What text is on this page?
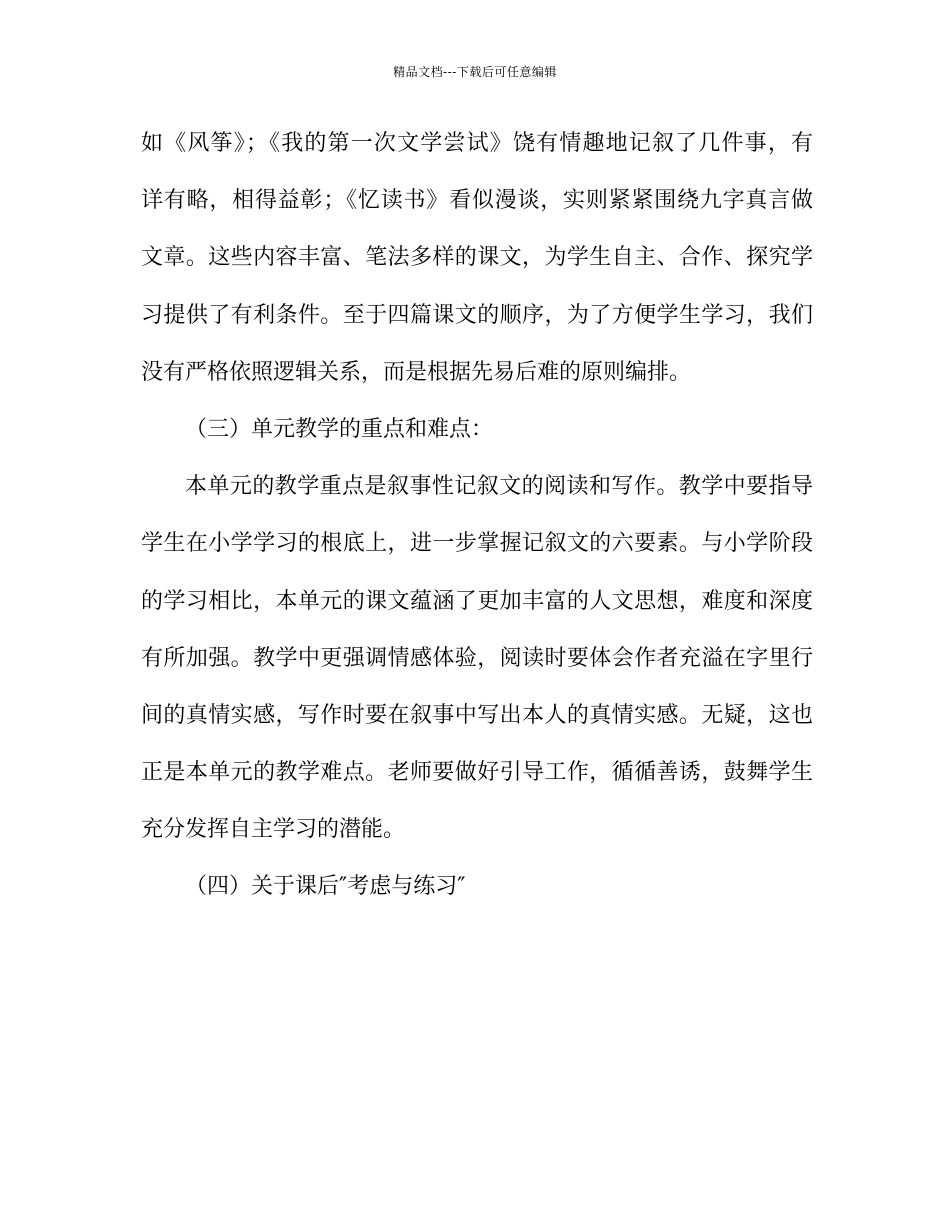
精品文档---下载后可任意编辑
如《风筝》；《我的第一次文学尝试》饶有情趣地记叙了几件事，有
详有略，相得益彰；《忆读书》看似漫谈，实则紧紧围绕九字真言做
文章。这些内容丰富、笔法多样的课文，为学生自主、合作、探究学
习提供了有利条件。至于四篇课文的顺序，为了方便学生学习，我们
没有严格依照逻辑关系，而是根据先易后难的原则编排。
（三）单元教学的重点和难点：
本单元的教学重点是叙事性记叙文的阅读和写作。教学中要指导
学生在小学学习的根底上，进一步掌握记叙文的六要素。与小学阶段
的学习相比，本单元的课文蕴涵了更加丰富的人文思想，难度和深度
有所加强。教学中更强调情感体验，阅读时要体会作者充溢在字里行
间的真情实感，写作时要在叙事中写出本人的真情实感。无疑，这也
正是本单元的教学难点。老师要做好引导工作，循循善诱，鼓舞学生
充分发挥自主学习的潜能。
（四）关于课后″考虑与练习″
